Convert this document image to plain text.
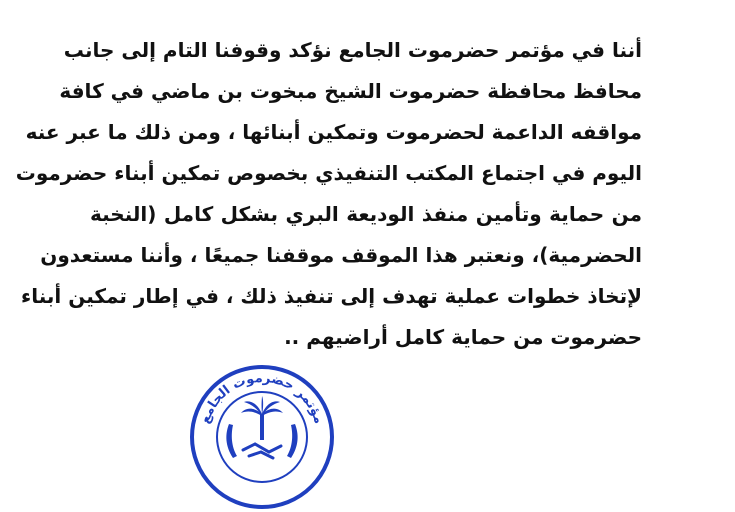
أننا في مؤتمر حضرموت الجامع نؤكد وقوفنا التام إلى جانب
محافظ محافظة حضرموت الشيخ مبخوت بن ماضي في كافة
مواقفه الداعمة لحضرموت وتمكين أبنائها ، ومن ذلك ما عبر عنه
اليوم في اجتماع المكتب التنفيذي بخصوص تمكين أبناء حضرموت
من حماية وتأمين منفذ الوديعة البري بشكل كامل (النخبة
الحضرمية)، ونعتبر هذا الموقف موقفنا جميعًا ، وأننا مستعدون
لإتخاذ خطوات عملية تهدف إلى تنفيذ ذلك ، في إطار تمكين أبناء
حضرموت من حماية كامل أراضيهم ..
مؤتمر حضرموت الجامع
